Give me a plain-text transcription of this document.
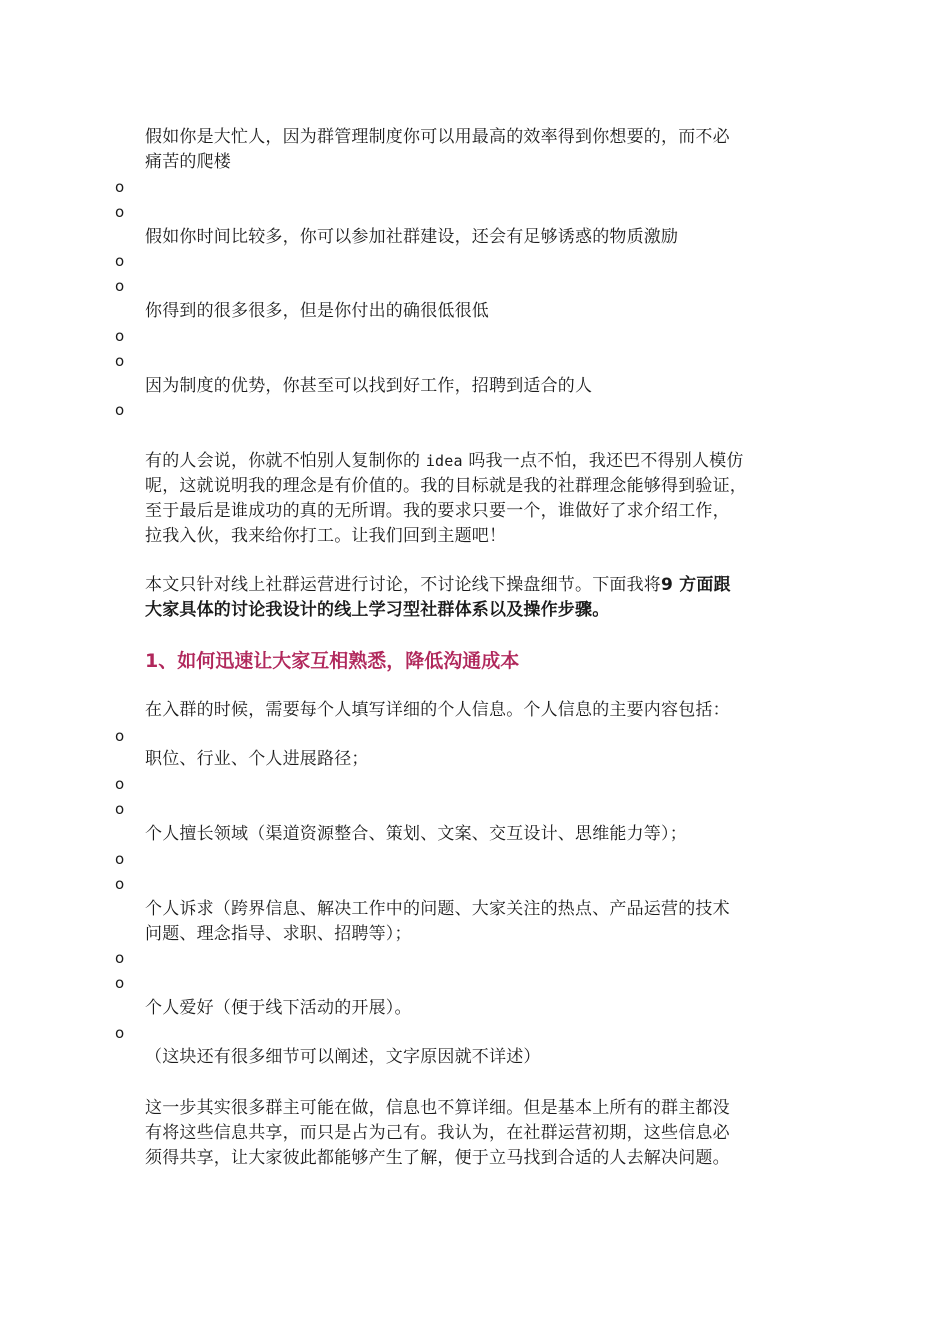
假如你是大忙人，因为群管理制度你可以用最高的效率得到你想要的，而不必
痛苦的爬楼
o
o
假如你时间比较多，你可以参加社群建设，还会有足够诱惑的物质激励
o
o
你得到的很多很多，但是你付出的确很低很低
o
o
因为制度的优势，你甚至可以找到好工作，招聘到适合的人
o
有的人会说，你就不怕别人复制你的 idea 吗我一点不怕，我还巴不得别人模仿
呢，这就说明我的理念是有价值的。我的目标就是我的社群理念能够得到验证，
至于最后是谁成功的真的无所谓。我的要求只要一个，谁做好了求介绍工作，
拉我入伙，我来给你打工。让我们回到主题吧！
本文只针对线上社群运营进行讨论，不讨论线下操盘细节。下面我将9 方面跟
大家具体的讨论我设计的线上学习型社群体系以及操作步骤。
1、如何迅速让大家互相熟悉，降低沟通成本
在入群的时候，需要每个人填写详细的个人信息。个人信息的主要内容包括：
o
职位、行业、个人进展路径；
o
o
个人擅长领域（渠道资源整合、策划、文案、交互设计、思维能力等）；
o
o
个人诉求（跨界信息、解决工作中的问题、大家关注的热点、产品运营的技术
问题、理念指导、求职、招聘等）；
o
o
个人爱好（便于线下活动的开展）。
o
（这块还有很多细节可以阐述，文字原因就不详述）
这一步其实很多群主可能在做，信息也不算详细。但是基本上所有的群主都没
有将这些信息共享，而只是占为己有。我认为，在社群运营初期，这些信息必
须得共享，让大家彼此都能够产生了解，便于立马找到合适的人去解决问题。
